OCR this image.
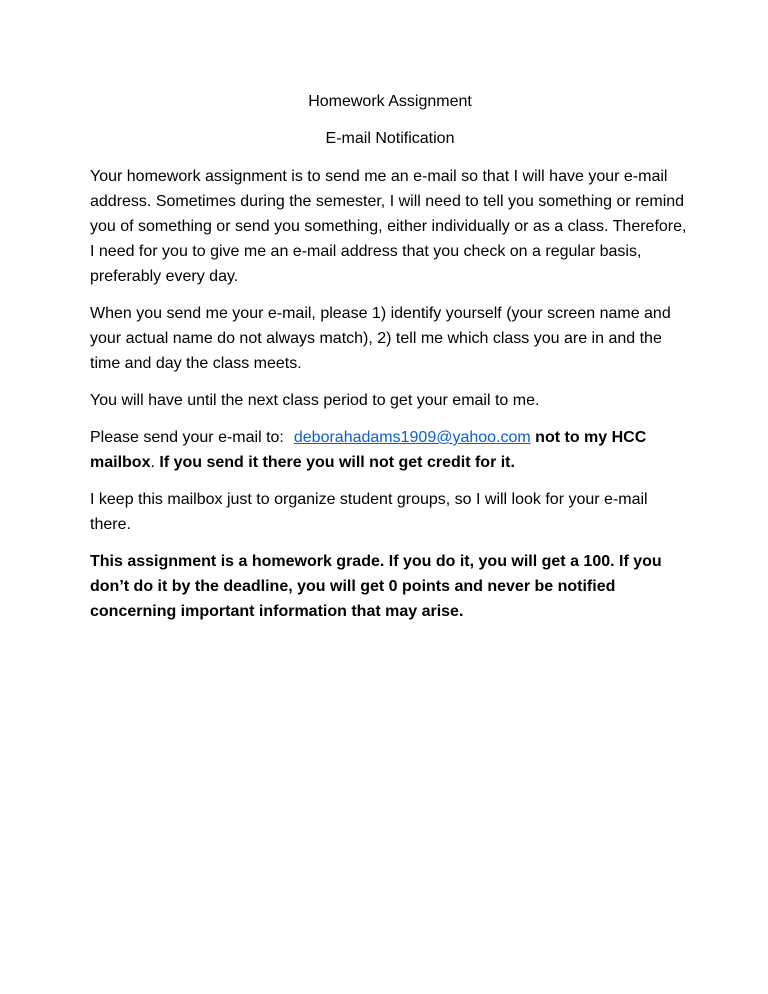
Homework Assignment

E-mail Notification

Your homework assignment is to send me an e-mail so that I will have your e-mail address. Sometimes during the semester, I will need to tell you something or remind you of something or send you something, either individually or as a class. Therefore, I need for you to give me an e-mail address that you check on a regular basis, preferably every day.

When you send me your e-mail, please 1) identify yourself (your screen name and your actual name do not always match), 2) tell me which class you are in and the time and day the class meets.

You will have until the next class period to get your email to me.

Please send your e-mail to: deborahadams1909@yahoo.com not to my HCC mailbox. If you send it there you will not get credit for it.

I keep this mailbox just to organize student groups, so I will look for your e-mail there.

This assignment is a homework grade. If you do it, you will get a 100. If you don’t do it by the deadline, you will get 0 points and never be notified concerning important information that may arise.
